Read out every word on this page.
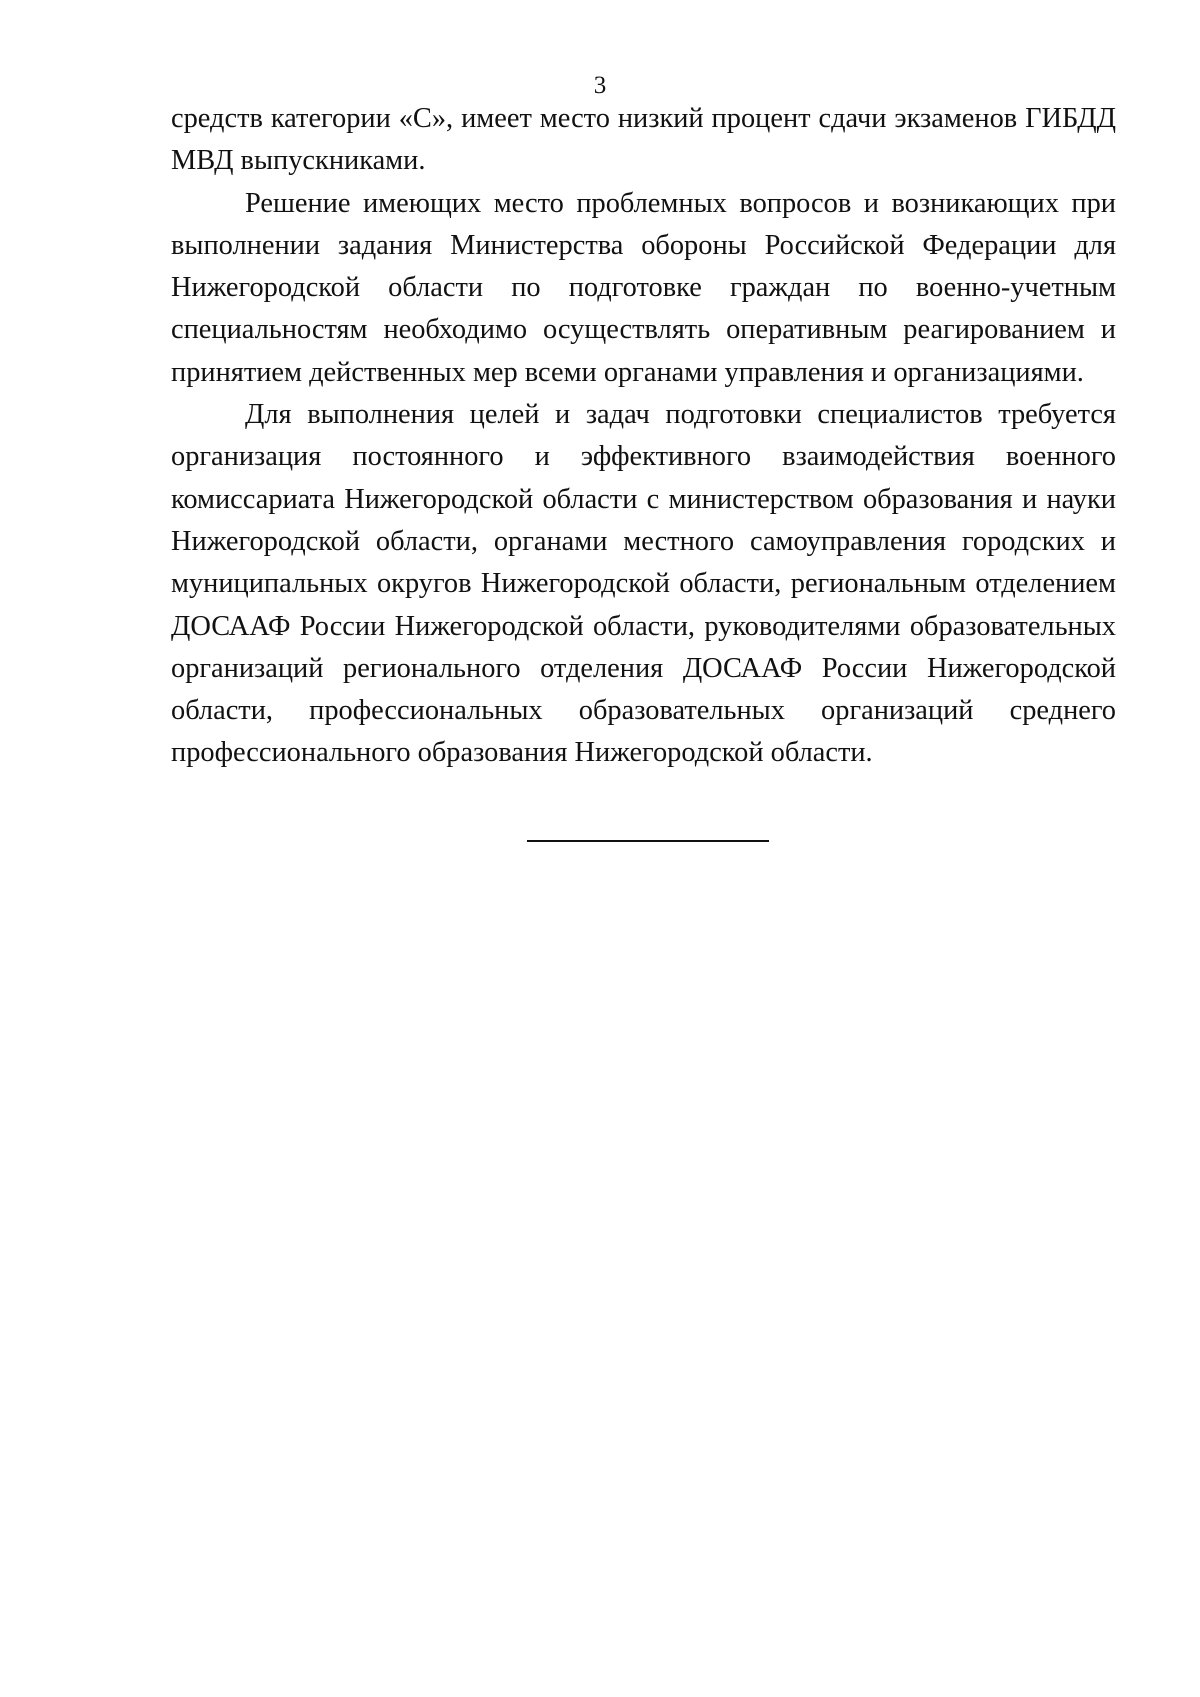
3

средств категории «С», имеет место низкий процент сдачи экзаменов ГИБДД МВД выпускниками.

Решение имеющих место проблемных вопросов и возникающих при выполнении задания Министерства обороны Российской Федерации для Нижегородской области по подготовке граждан по военно-учетным специальностям необходимо осуществлять оперативным реагированием и принятием действенных мер всеми органами управления и организациями.

Для выполнения целей и задач подготовки специалистов требуется организация постоянного и эффективного взаимодействия военного комиссариата Нижегородской области с министерством образования и науки Нижегородской области, органами местного самоуправления городских и муниципальных округов Нижегородской области, региональным отделением ДОСААФ России Нижегородской области, руководителями образовательных организаций регионального отделения ДОСААФ России Нижегородской области, профессиональных образовательных организаций среднего профессионального образования Нижегородской области.
